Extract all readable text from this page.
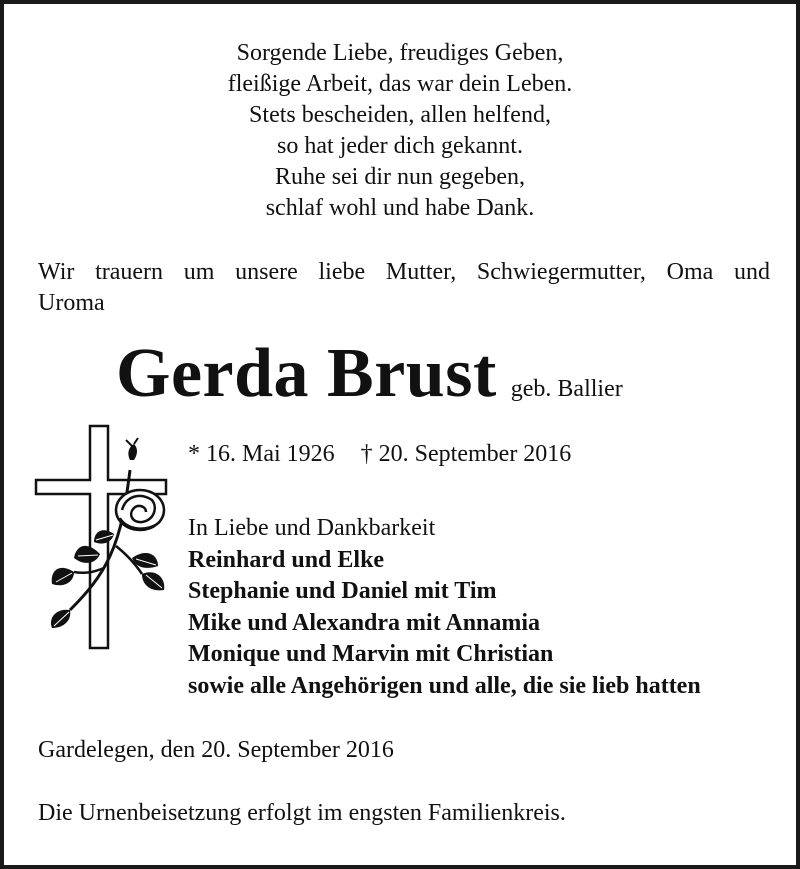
Sorgende Liebe, freudiges Geben,
fleißige Arbeit, das war dein Leben.
Stets bescheiden, allen helfend,
so hat jeder dich gekannt.
Ruhe sei dir nun gegeben,
schlaf wohl und habe Dank.
Wir trauern um unsere liebe Mutter, Schwiegermutter, Oma und
Uroma
Gerda Brust geb. Ballier
* 16. Mai 1926 † 20. September 2016
In Liebe und Dankbarkeit
Reinhard und Elke
Stephanie und Daniel mit Tim
Mike und Alexandra mit Annamia
Monique und Marvin mit Christian
sowie alle Angehörigen und alle, die sie lieb hatten
Gardelegen, den 20. September 2016
Die Urnenbeisetzung erfolgt im engsten Familienkreis.
